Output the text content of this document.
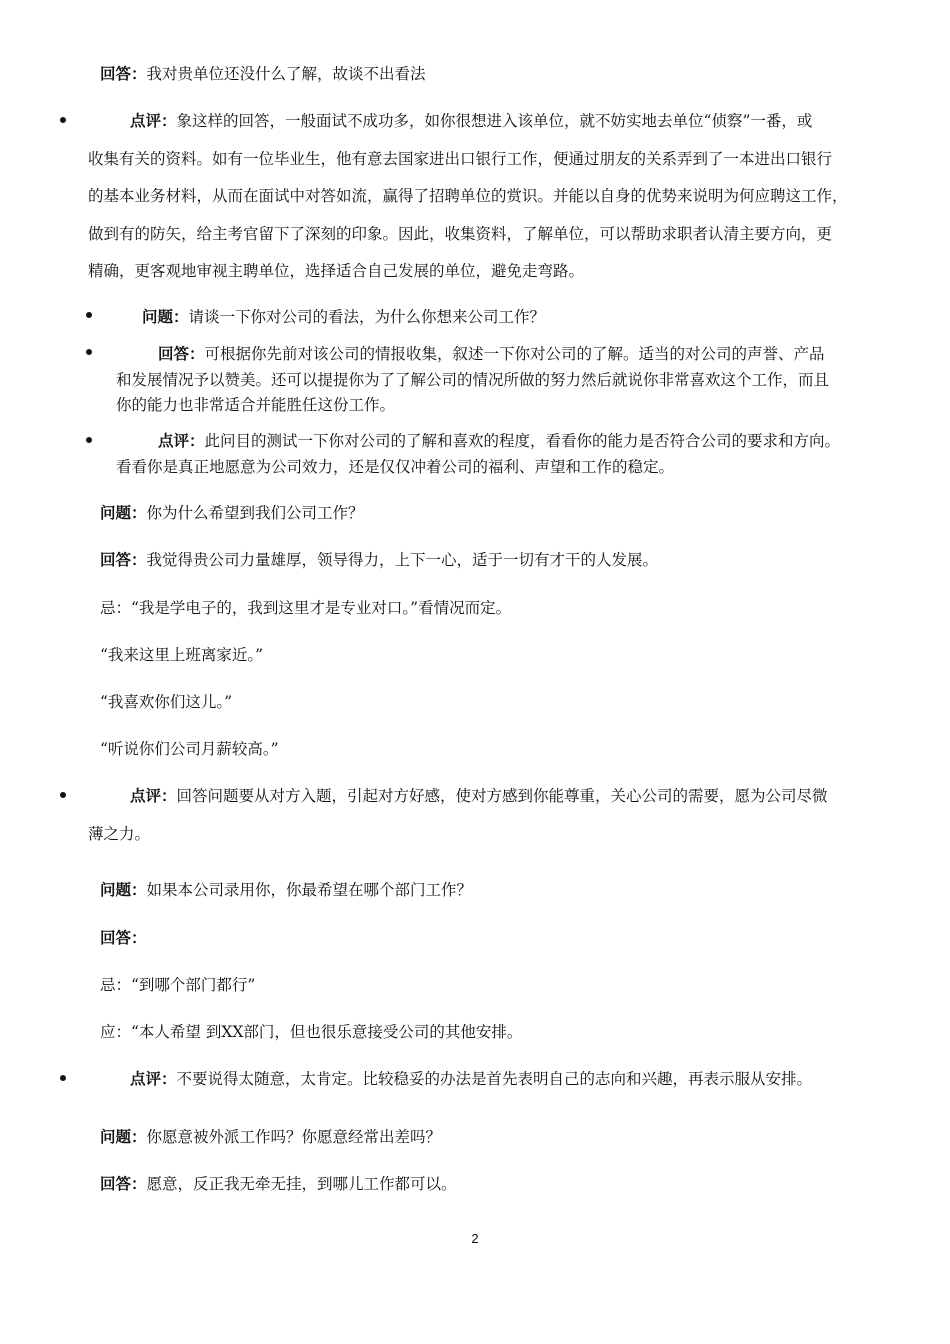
回答：我对贵单位还没什么了解，故谈不出看法
点评：象这样的回答，一般面试不成功多，如你很想进入该单位，就不妨实地去单位“侦察”一番，或
收集有关的资料。如有一位毕业生，他有意去国家进出口银行工作，便通过朋友的关系弄到了一本进出口银行
的基本业务材料，从而在面试中对答如流，赢得了招聘单位的赏识。并能以自身的优势来说明为何应聘这工作，
做到有的防矢，给主考官留下了深刻的印象。因此，收集资料，了解单位，可以帮助求职者认清主要方向，更
精确，更客观地审视主聘单位，选择适合自己发展的单位，避免走弯路。
问题：请谈一下你对公司的看法，为什么你想来公司工作？
回答：可根据你先前对该公司的情报收集，叙述一下你对公司的了解。适当的对公司的声誉、产品
和发展情况予以赞美。还可以提提你为了了解公司的情况所做的努力然后就说你非常喜欢这个工作，而且
你的能力也非常适合并能胜任这份工作。
点评：此问目的测试一下你对公司的了解和喜欢的程度，看看你的能力是否符合公司的要求和方向。
看看你是真正地愿意为公司效力，还是仅仅冲着公司的福利、声望和工作的稳定。
问题：你为什么希望到我们公司工作？
回答：我觉得贵公司力量雄厚，领导得力，上下一心，适于一切有才干的人发展。
忌：“我是学电子的，我到这里才是专业对口。”看情况而定。
“我来这里上班离家近。”
“我喜欢你们这儿。”
“听说你们公司月薪较高。”
点评：回答问题要从对方入题，引起对方好感，使对方感到你能尊重，关心公司的需要，愿为公司尽微
薄之力。
问题：如果本公司录用你，你最希望在哪个部门工作？
回答：
忌：“到哪个部门都行”
应：“本人希望 到XX部门，但也很乐意接受公司的其他安排。
点评：不要说得太随意，太肯定。比较稳妥的办法是首先表明自己的志向和兴趣，再表示服从安排。
问题：你愿意被外派工作吗？你愿意经常出差吗？
回答：愿意，反正我无牵无挂，到哪儿工作都可以。
2
